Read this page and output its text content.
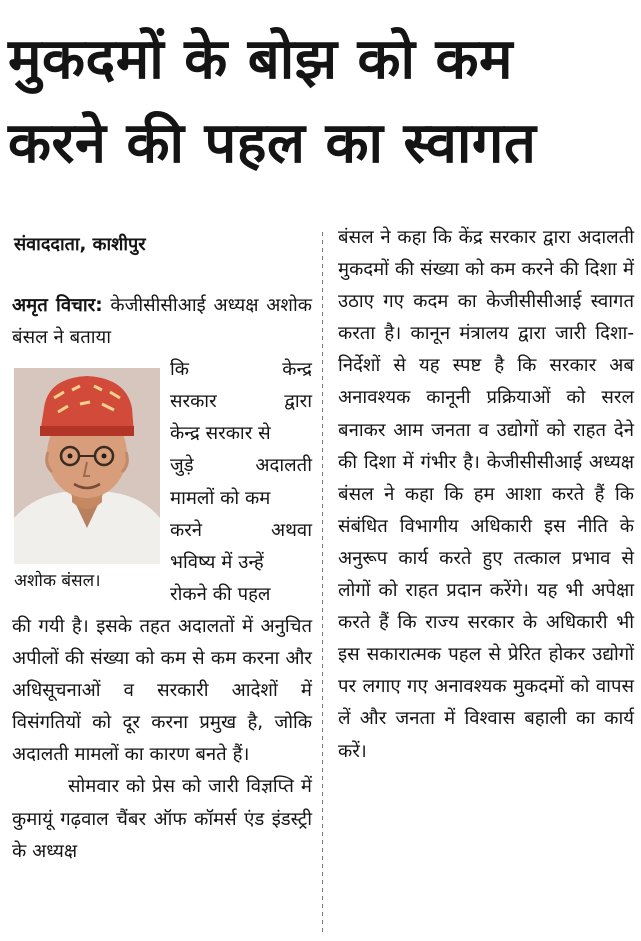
मुकदमों के बोझ को कम
करने की पहल का स्वागत

संवाददाता, काशीपुर

अमृत विचार: केजीसीसीआई अध्यक्ष अशोक बंसल ने बताया

कि केन्द्र
सरकार द्वारा
केन्द्र सरकार से
जुड़े अदालती
मामलों को कम
करने अथवा
भविष्य में उन्हें
रोकने की पहल

की गयी है। इसके तहत अदालतों में अनुचित अपीलों की संख्या को कम से कम करना और अधिसूचनाओं व सरकारी आदेशों में विसंगतियों को दूर करना प्रमुख है, जोकि अदालती मामलों का कारण बनते हैं।

सोमवार को प्रेस को जारी विज्ञप्ति में कुमायूं गढ़वाल चैंबर ऑफ कॉमर्स एंड इंडस्ट्री के अध्यक्ष

अशोक बंसल।

बंसल ने कहा कि केंद्र सरकार द्वारा अदालती मुकदमों की संख्या को कम करने की दिशा में उठाए गए कदम का केजीसीसीआई स्वागत करता है। कानून मंत्रालय द्वारा जारी दिशा-निर्देशों से यह स्पष्ट है कि सरकार अब अनावश्यक कानूनी प्रक्रियाओं को सरल बनाकर आम जनता व उद्योगों को राहत देने की दिशा में गंभीर है। केजीसीसीआई अध्यक्ष बंसल ने कहा कि हम आशा करते हैं कि संबंधित विभागीय अधिकारी इस नीति के अनुरूप कार्य करते हुए तत्काल प्रभाव से लोगों को राहत प्रदान करेंगे। यह भी अपेक्षा करते हैं कि राज्य सरकार के अधिकारी भी इस सकारात्मक पहल से प्रेरित होकर उद्योगों पर लगाए गए अनावश्यक मुकदमों को वापस लें और जनता में विश्वास बहाली का कार्य करें।
